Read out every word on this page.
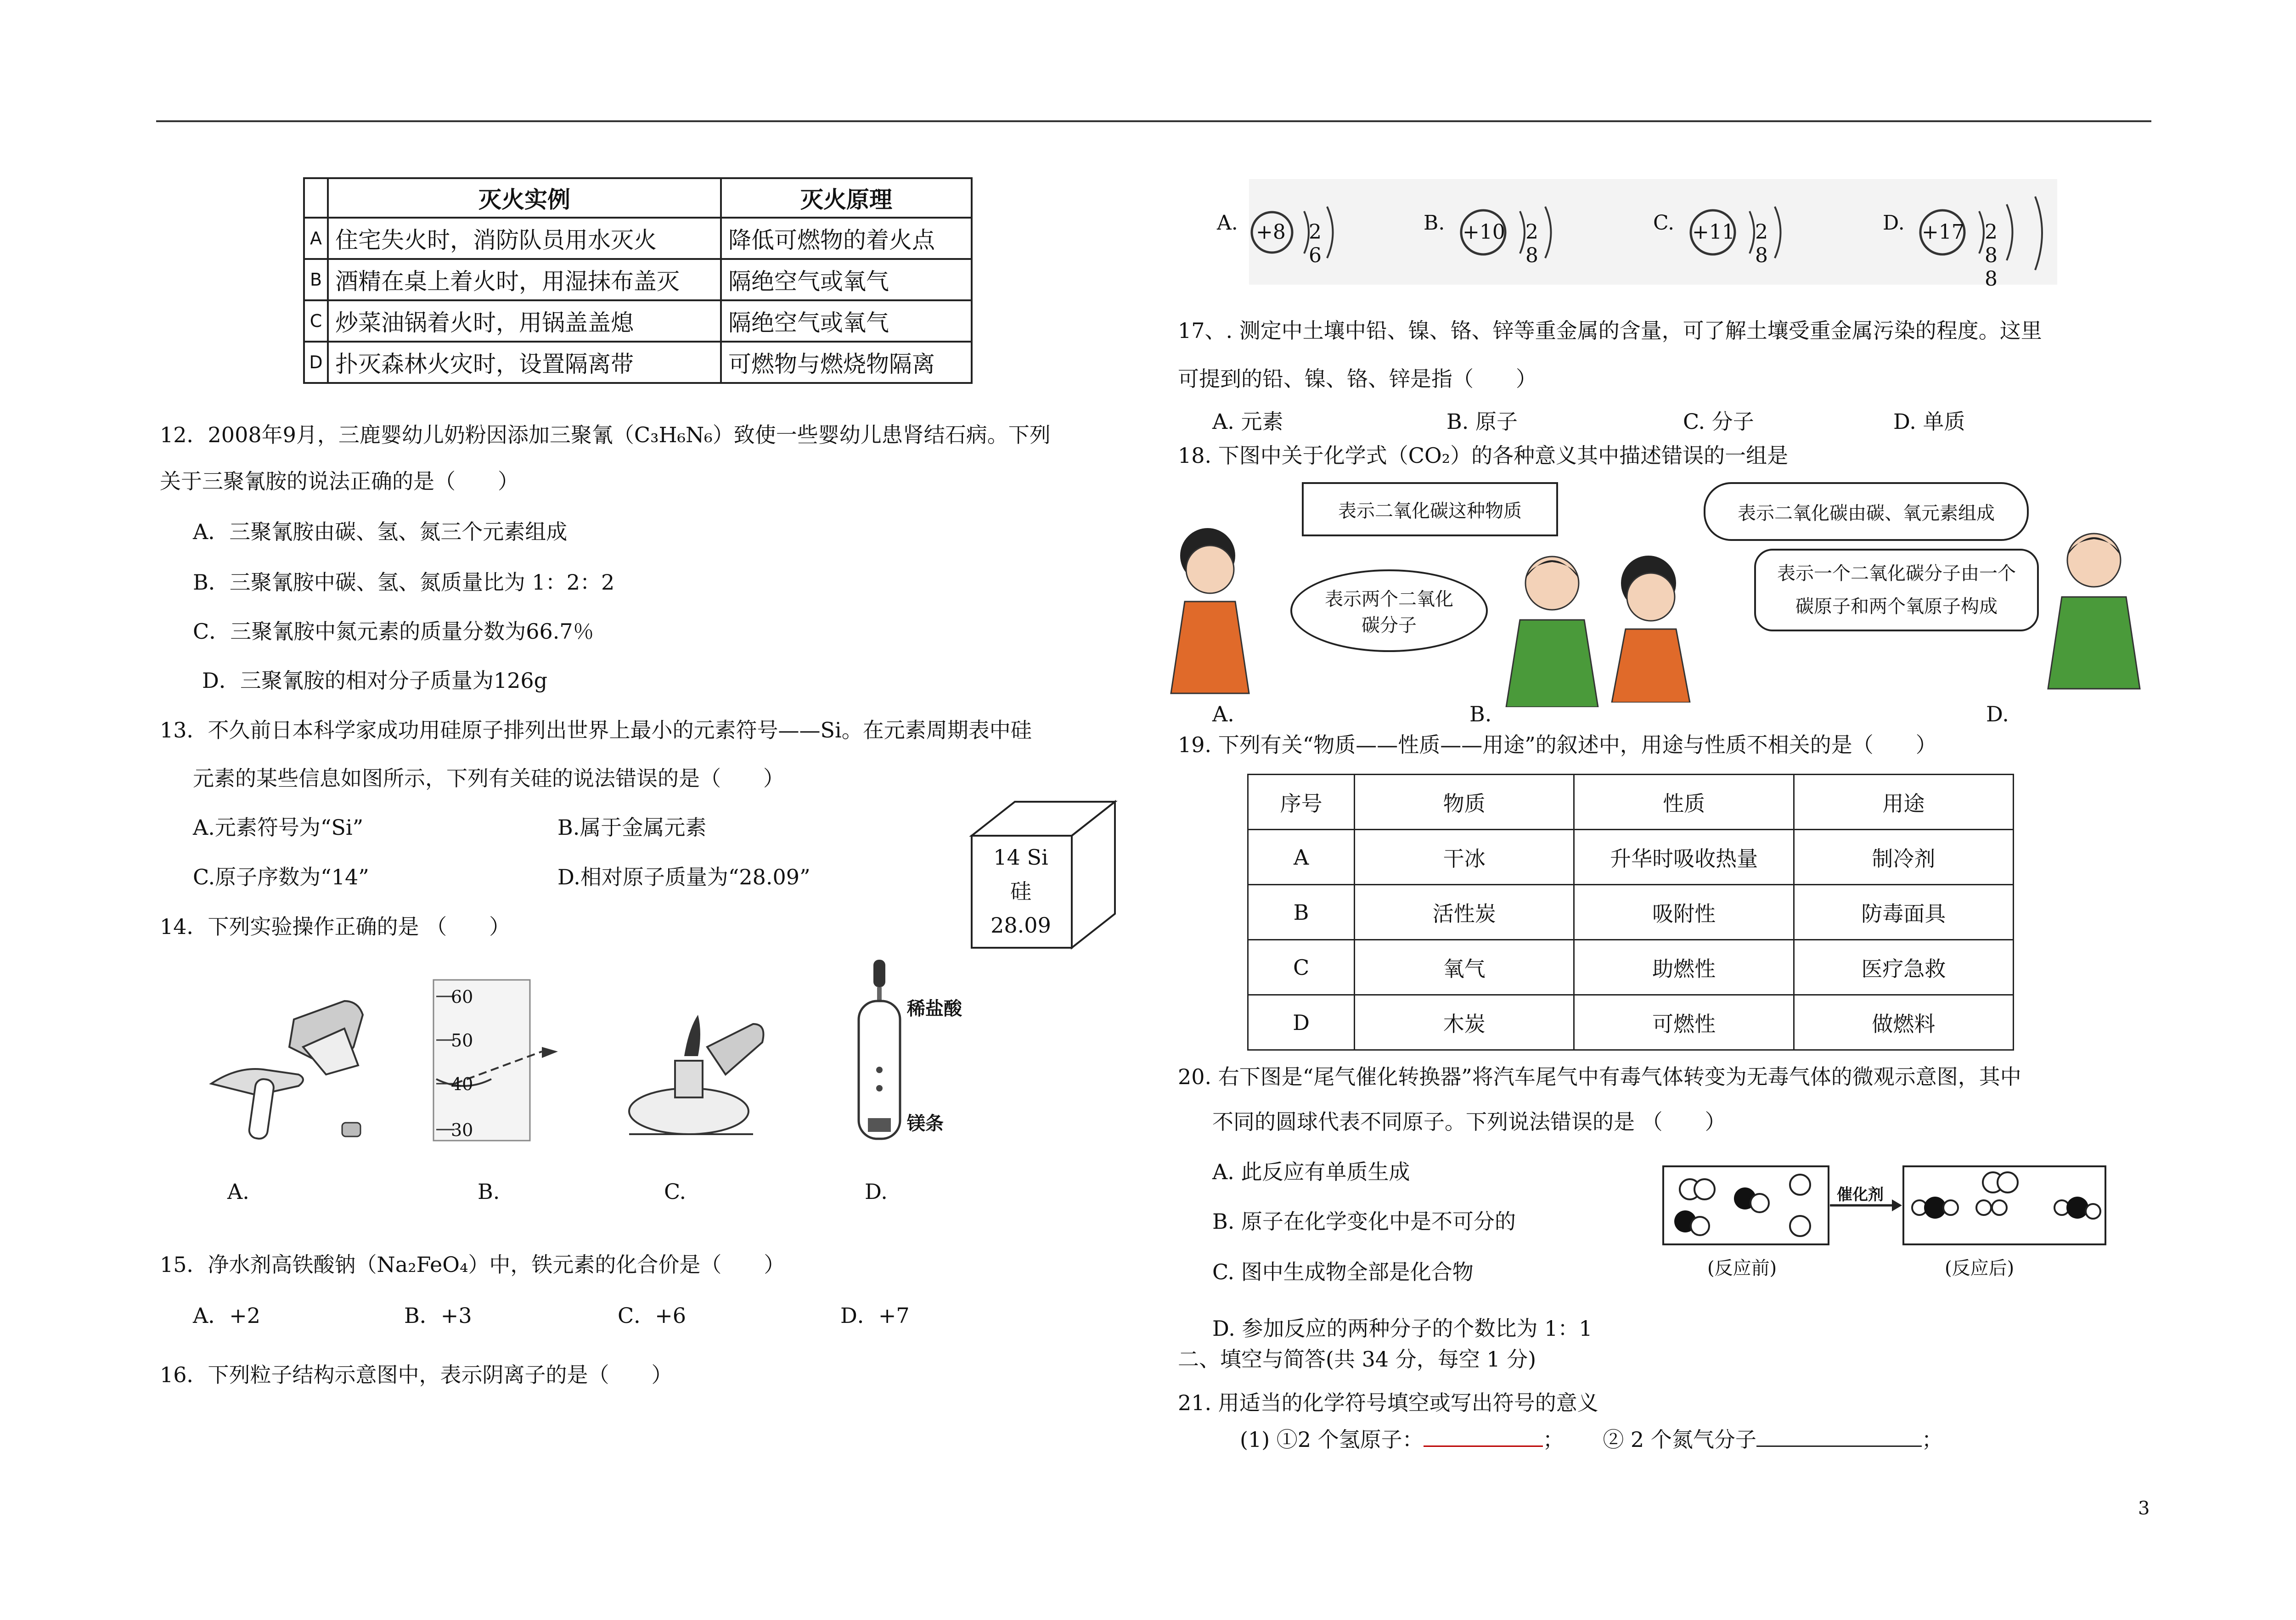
	灭火实例	灭火原理
A	住宅失火时，消防队员用水灭火	降低可燃物的着火点
B	酒精在桌上着火时，用湿抹布盖灭	隔绝空气或氧气
C	炒菜油锅着火时，用锅盖盖熄	隔绝空气或氧气
D	扑灭森林火灾时，设置隔离带	可燃物与燃烧物隔离
12．2008年9月，三鹿婴幼儿奶粉因添加三聚氰（C₃H₆N₆）致使一些婴幼儿患肾结石病。下列
关于三聚氰胺的说法正确的是（　　）
A．三聚氰胺由碳、氢、氮三个元素组成
B．三聚氰胺中碳、氢、氮质量比为 1：2：2
C．三聚氰胺中氮元素的质量分数为66.7％
D．三聚氰胺的相对分子质量为126g
13．不久前日本科学家成功用硅原子排列出世界上最小的元素符号——Si。在元素周期表中硅
元素的某些信息如图所示，下列有关硅的说法错误的是（　　）
A.元素符号为“Si”	B.属于金属元素
C.原子序数为“14”	D.相对原子质量为“28.09”
14 Si
硅
28.09
14．下列实验操作正确的是 （　　）
60
50
40
30
稀盐酸
镁条
A.	B.	C.	D.
15．净水剂高铁酸钠（Na₂FeO₄）中，铁元素的化合价是（　　）
A．+2	B．+3	C．+6	D．+7
16．下列粒子结构示意图中，表示阴离子的是（　　）
A. +8 2 6
B. +10 2 8
C. +11 2 8
D. +17 2 8 8
17、. 测定中土壤中铅、镍、铬、锌等重金属的含量，可了解土壤受重金属污染的程度。这里
可提到的铅、镍、铬、锌是指（　　）
A. 元素	B. 原子	C. 分子	D. 单质
18. 下图中关于化学式（CO₂）的各种意义其中描述错误的一组是
表示二氧化碳这种物质
表示两个二氧化碳分子
表示二氧化碳由碳、氧元素组成
表示一个二氧化碳分子由一个碳原子和两个氧原子构成
A.	B.	D.
19. 下列有关“物质——性质——用途”的叙述中，用途与性质不相关的是（　　）
序号	物质	性质	用途
A	干冰	升华时吸收热量	制冷剂
B	活性炭	吸附性	防毒面具
C	氧气	助燃性	医疗急救
D	木炭	可燃性	做燃料
20. 右下图是“尾气催化转换器”将汽车尾气中有毒气体转变为无毒气体的微观示意图，其中
不同的圆球代表不同原子。下列说法错误的是 （　　）
A. 此反应有单质生成
B. 原子在化学变化中是不可分的
C. 图中生成物全部是化合物
D. 参加反应的两种分子的个数比为 1：1
催化剂
(反应前)	(反应后)
二、填空与简答(共 34 分，每空 1 分)
21. 用适当的化学符号填空或写出符号的意义
(1) ①2 个氢原子：	； ② 2 个氮气分子	；
3
